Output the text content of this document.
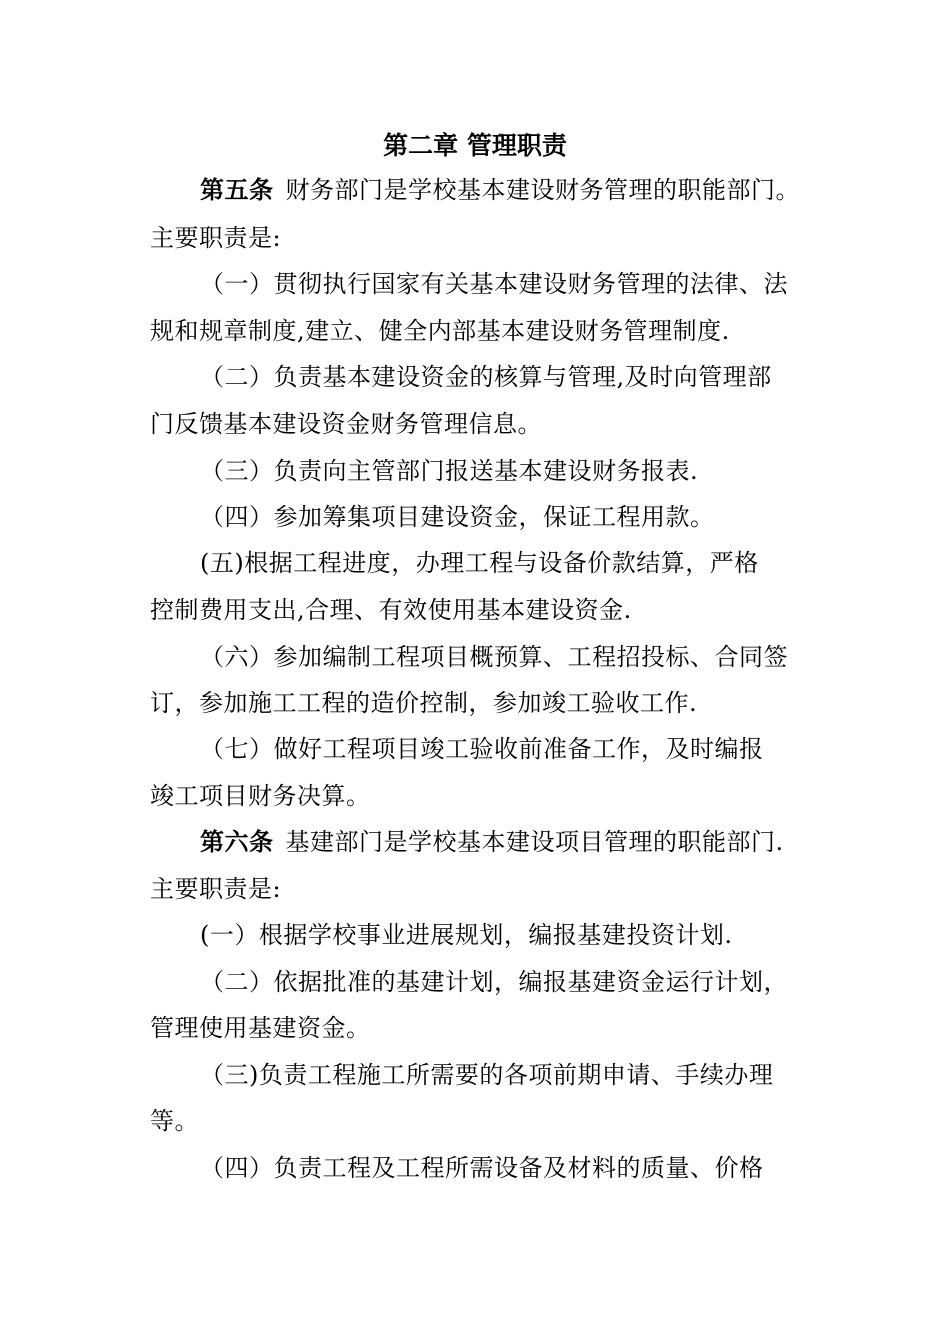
第二章 管理职责
第五条 财务部门是学校基本建设财务管理的职能部门。
主要职责是:
（一）贯彻执行国家有关基本建设财务管理的法律、法
规和规章制度,建立、健全内部基本建设财务管理制度.
（二）负责基本建设资金的核算与管理,及时向管理部
门反馈基本建设资金财务管理信息。
（三）负责向主管部门报送基本建设财务报表.
（四）参加筹集项目建设资金，保证工程用款。
(五)根据工程进度，办理工程与设备价款结算，严格
控制费用支出,合理、有效使用基本建设资金.
（六）参加编制工程项目概预算、工程招投标、合同签
订，参加施工工程的造价控制，参加竣工验收工作.
（七）做好工程项目竣工验收前准备工作，及时编报
竣工项目财务决算。
第六条 基建部门是学校基本建设项目管理的职能部门.
主要职责是:
(一）根据学校事业进展规划，编报基建投资计划.
（二）依据批准的基建计划，编报基建资金运行计划，
管理使用基建资金。
（三)负责工程施工所需要的各项前期申请、手续办理
等。
（四）负责工程及工程所需设备及材料的质量、价格
